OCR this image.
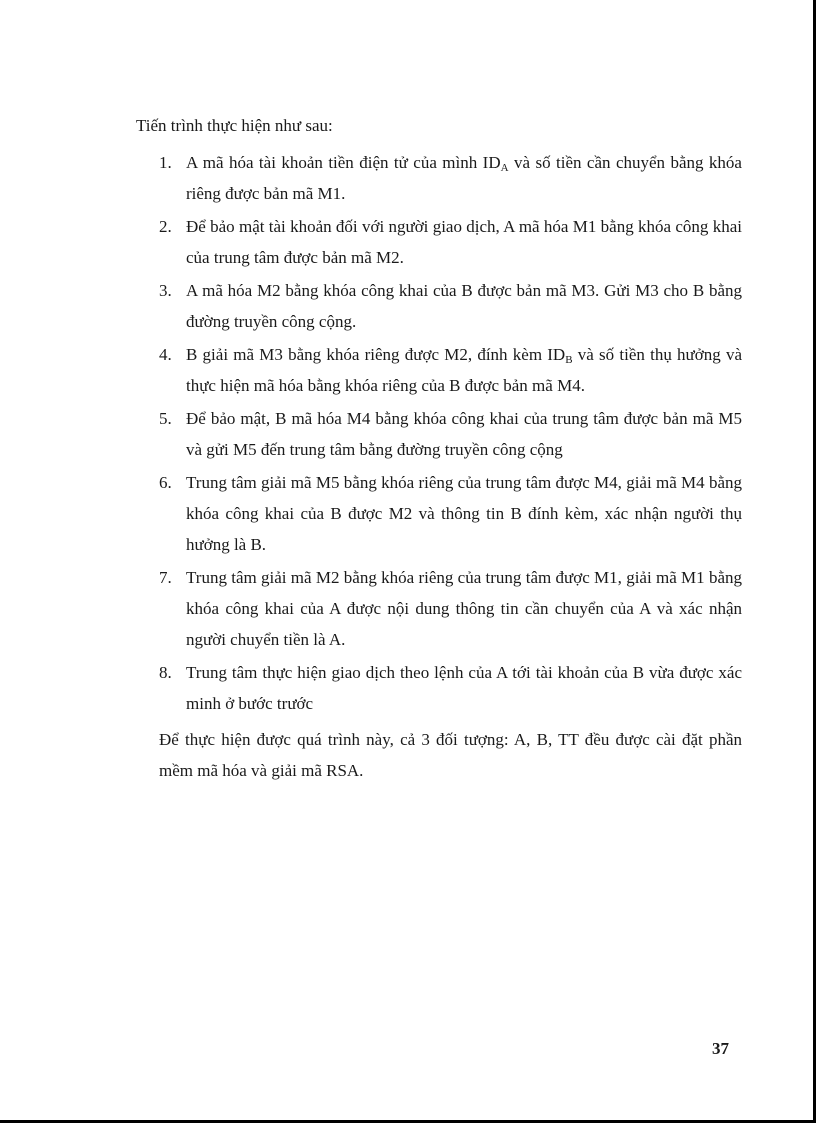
Tiến trình thực hiện như sau:
1. A mã hóa tài khoản tiền điện tử của mình $ID_A$ và số tiền cần chuyển bằng khóa riêng được bản mã M1.
2. Để bảo mật tài khoản đối với người giao dịch, A mã hóa M1 bằng khóa công khai của trung tâm được bản mã M2.
3. A mã hóa M2 bằng khóa công khai của B được bản mã M3. Gửi M3 cho B bằng đường truyền công cộng.
4. B giải mã M3 bằng khóa riêng được M2, đính kèm $ID_B$ và số tiền thụ hưởng và thực hiện mã hóa bằng khóa riêng của B được bản mã M4.
5. Để bảo mật, B mã hóa M4 bằng khóa công khai của trung tâm được bản mã M5 và gửi M5 đến trung tâm bằng đường truyền công cộng
6. Trung tâm giải mã M5 bằng khóa riêng của trung tâm được M4, giải mã M4 bằng khóa công khai của B được M2 và thông tin B đính kèm, xác nhận người thụ hưởng là B.
7. Trung tâm giải mã M2 bằng khóa riêng của trung tâm được M1, giải mã M1 bằng khóa công khai của A được nội dung thông tin cần chuyển của A và xác nhận người chuyển tiền là A.
8. Trung tâm thực hiện giao dịch theo lệnh của A tới tài khoản của B vừa được xác minh ở bước trước
Để thực hiện được quá trình này, cả 3 đối tượng: A, B, TT đều được cài đặt phần mềm mã hóa và giải mã RSA.
37
